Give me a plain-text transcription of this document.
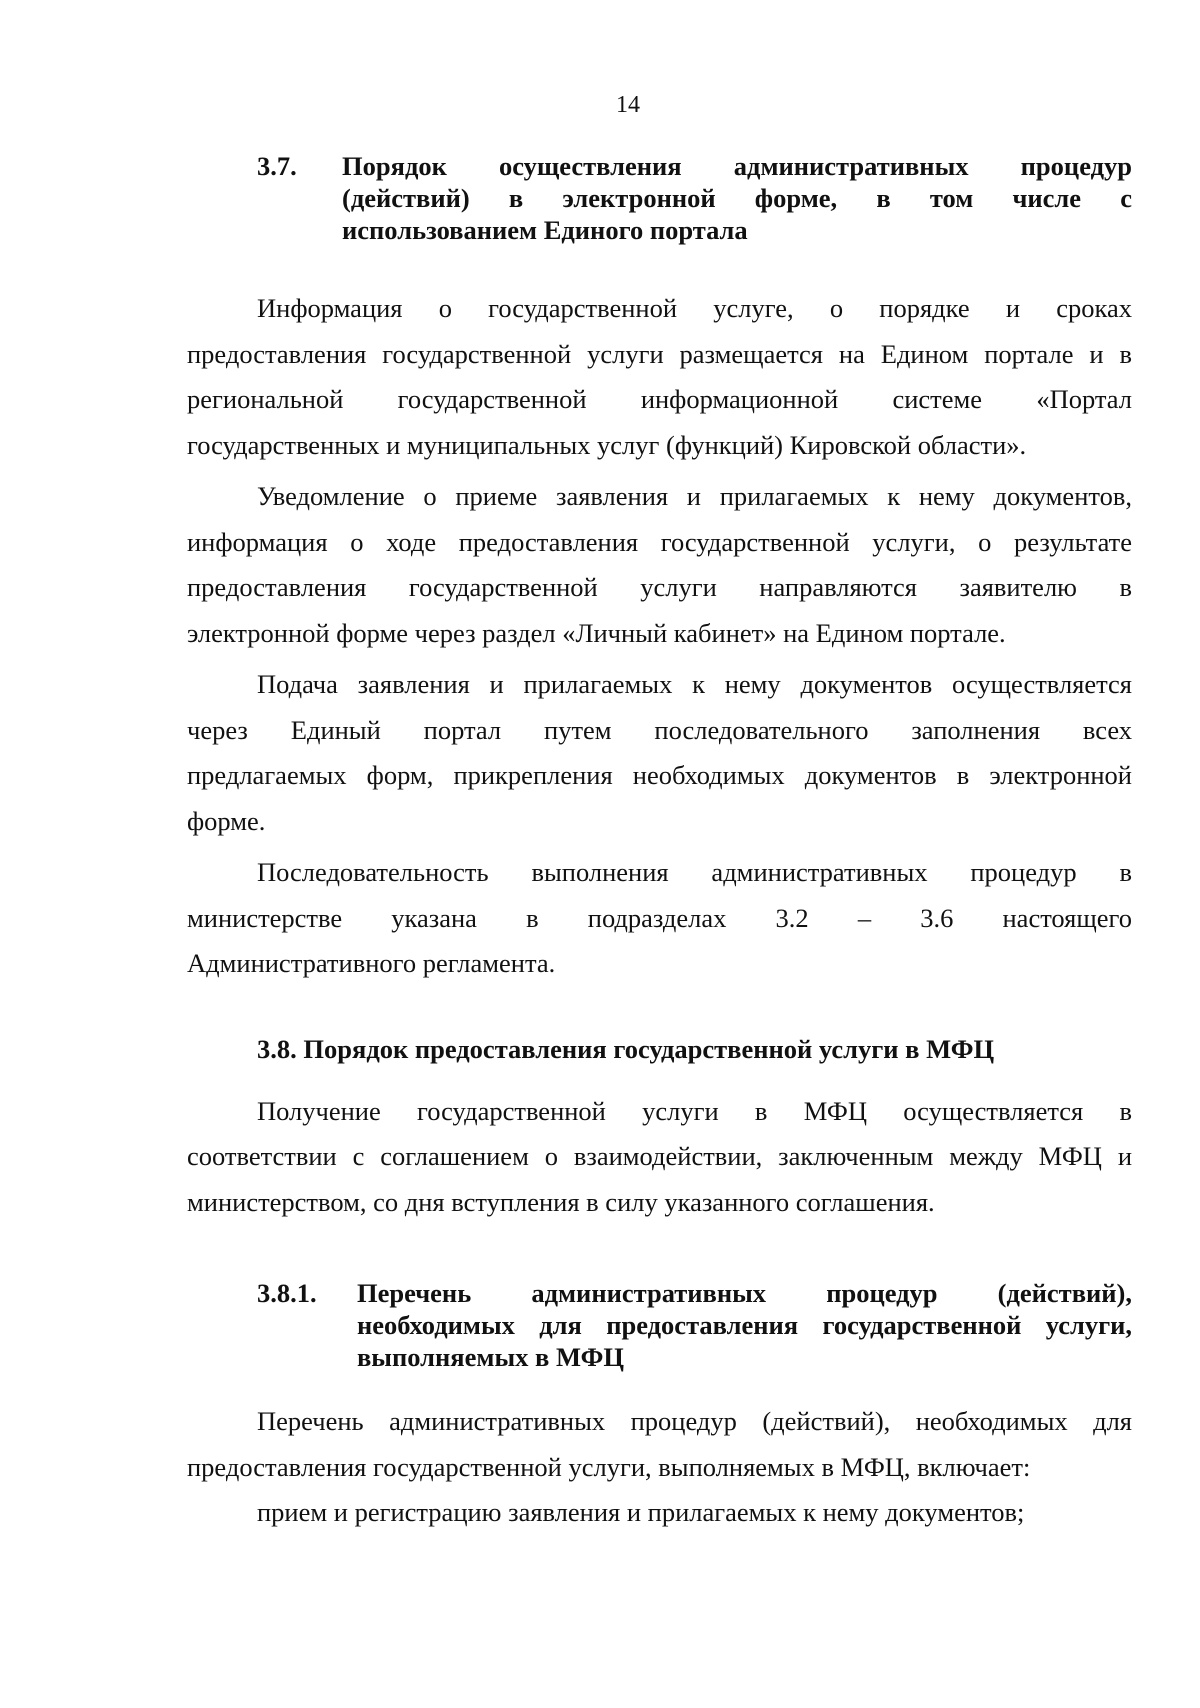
14
3.7.	Порядок осуществления административных процедур
(действий) в электронной форме, в том числе с
использованием Единого портала
Информация о государственной услуге, о порядке и сроках
предоставления государственной услуги размещается на Едином портале и в
региональной государственной информационной системе «Портал
государственных и муниципальных услуг (функций) Кировской области».
Уведомление о приеме заявления и прилагаемых к нему документов,
информация о ходе предоставления государственной услуги, о результате
предоставления государственной услуги направляются заявителю в
электронной форме через раздел «Личный кабинет» на Едином портале.
Подача заявления и прилагаемых к нему документов осуществляется
через Единый портал путем последовательного заполнения всех
предлагаемых форм, прикрепления необходимых документов в электронной
форме.
Последовательность выполнения административных процедур в
министерстве указана в подразделах 3.2 – 3.6 настоящего
Административного регламента.
3.8. Порядок предоставления государственной услуги в МФЦ
Получение государственной услуги в МФЦ осуществляется в
соответствии с соглашением о взаимодействии, заключенным между МФЦ и
министерством, со дня вступления в силу указанного соглашения.
3.8.1.	Перечень административных процедур (действий),
необходимых для предоставления государственной услуги,
выполняемых в МФЦ
Перечень административных процедур (действий), необходимых для
предоставления государственной услуги, выполняемых в МФЦ, включает:
прием и регистрацию заявления и прилагаемых к нему документов;
